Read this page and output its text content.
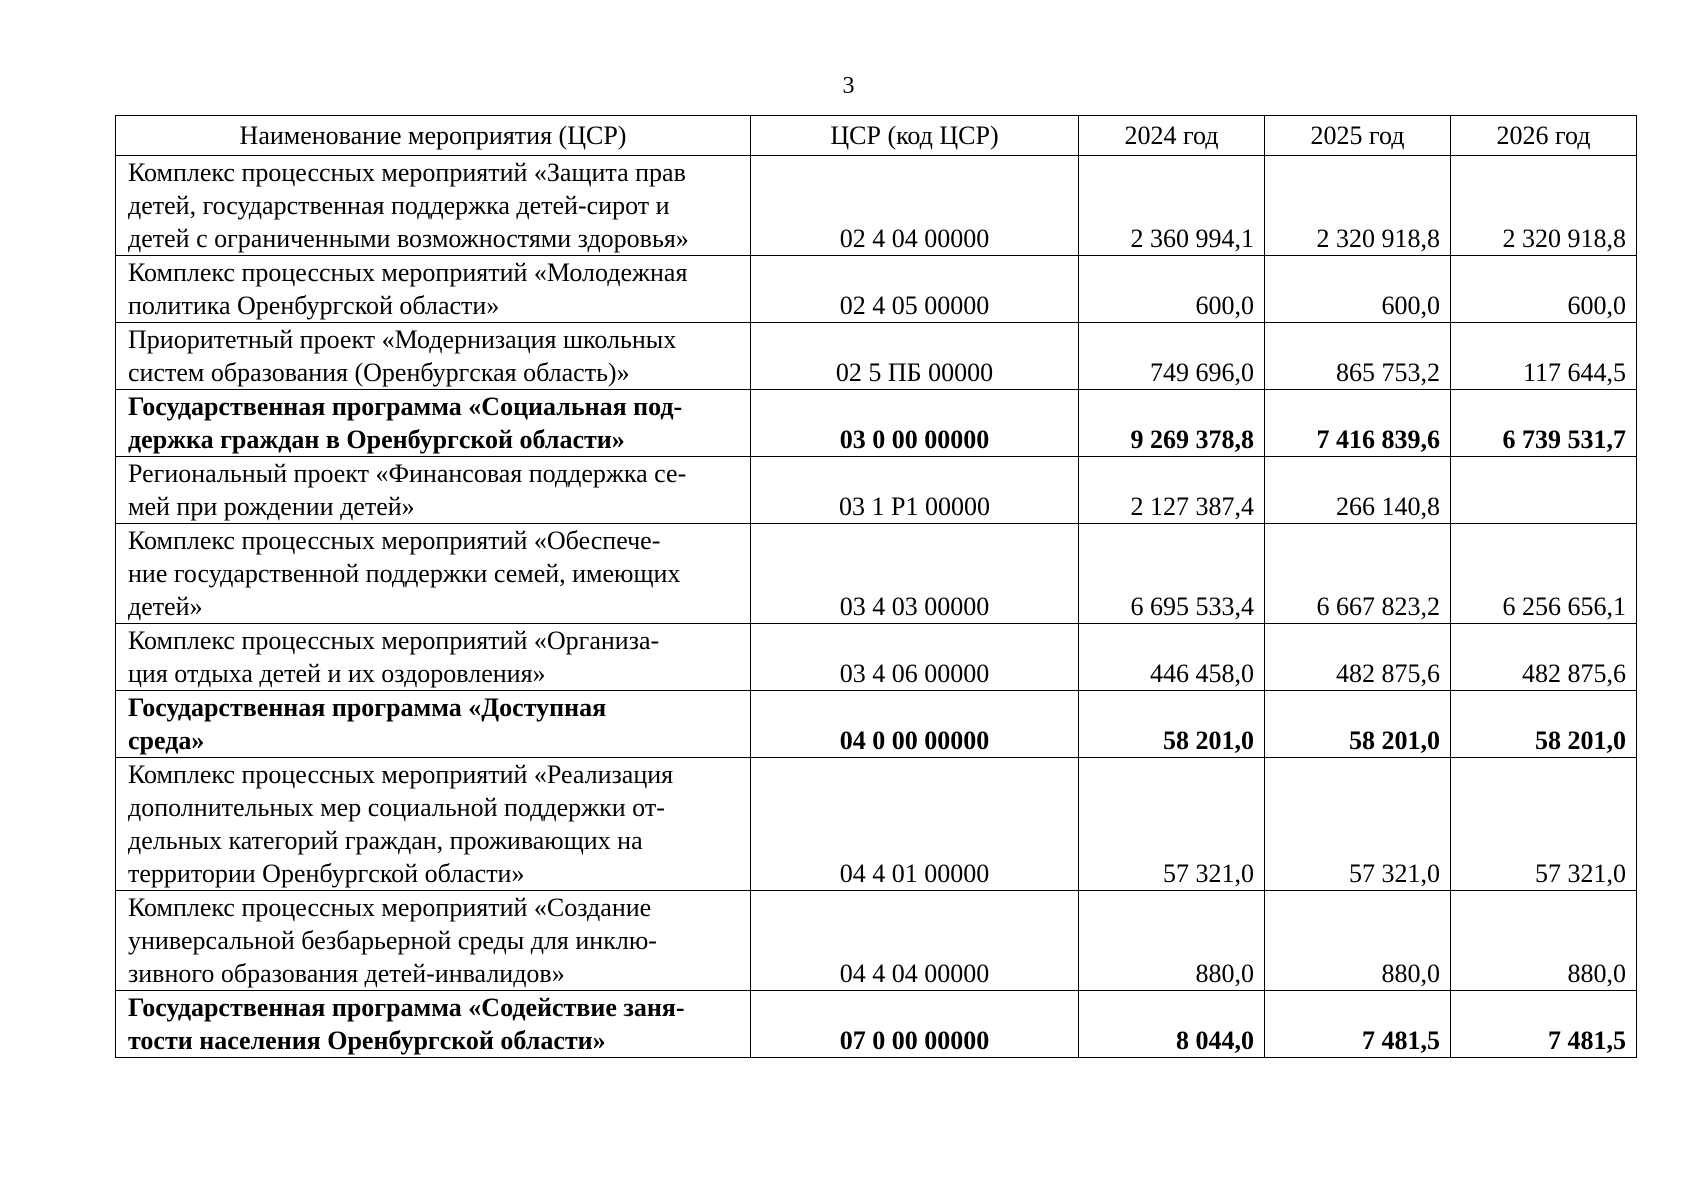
3
Наименование мероприятия (ЦСР)	ЦСР (код ЦСР)	2024 год	2025 год	2026 год
Комплекс процессных мероприятий «Защита прав
детей, государственная поддержка детей-сирот и
детей с ограниченными возможностями здоровья»	02 4 04 00000	2 360 994,1	2 320 918,8	2 320 918,8
Комплекс процессных мероприятий «Молодежная
политика Оренбургской области»	02 4 05 00000	600,0	600,0	600,0
Приоритетный проект «Модернизация школьных
систем образования (Оренбургская область)»	02 5 ПБ 00000	749 696,0	865 753,2	117 644,5
Государственная программа «Социальная под-
держка граждан в Оренбургской области»	03 0 00 00000	9 269 378,8	7 416 839,6	6 739 531,7
Региональный проект «Финансовая поддержка се-
мей при рождении детей»	03 1 Р1 00000	2 127 387,4	266 140,8	
Комплекс процессных мероприятий «Обеспече-
ние государственной поддержки семей, имеющих
детей»	03 4 03 00000	6 695 533,4	6 667 823,2	6 256 656,1
Комплекс процессных мероприятий «Организа-
ция отдыха детей и их оздоровления»	03 4 06 00000	446 458,0	482 875,6	482 875,6
Государственная программа «Доступная
среда»	04 0 00 00000	58 201,0	58 201,0	58 201,0
Комплекс процессных мероприятий «Реализация
дополнительных мер социальной поддержки от-
дельных категорий граждан, проживающих на
территории Оренбургской области»	04 4 01 00000	57 321,0	57 321,0	57 321,0
Комплекс процессных мероприятий «Создание
универсальной безбарьерной среды для инклю-
зивного образования детей-инвалидов»	04 4 04 00000	880,0	880,0	880,0
Государственная программа «Содействие заня-
тости населения Оренбургской области»	07 0 00 00000	8 044,0	7 481,5	7 481,5
